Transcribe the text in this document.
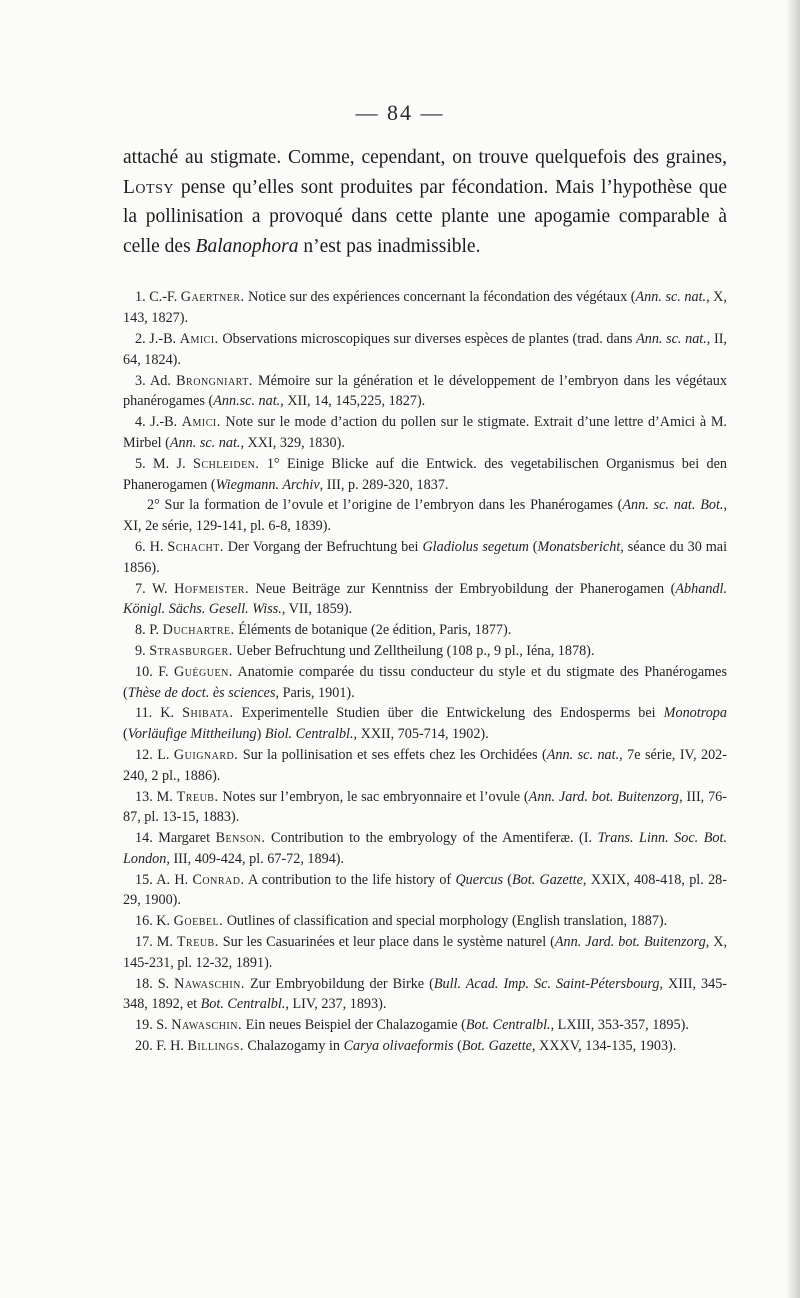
— 84 —

attaché au stigmate. Comme, cependant, on trouve quelquefois des graines, Lotsy pense qu’elles sont produites par fécondation. Mais l’hypothèse que la pollinisation a provoqué dans cette plante une apogamie comparable à celle des Balanophora n’est pas inadmissible.

1. C.-F. Gaertner. Notice sur des expériences concernant la fécondation des végétaux (Ann. sc. nat., X, 143, 1827).

2. J.-B. Amici. Observations microscopiques sur diverses espèces de plantes (trad. dans Ann. sc. nat., II, 64, 1824).

3. Ad. Brongniart. Mémoire sur la génération et le développement de l’embryon dans les végétaux phanérogames (Ann.sc. nat., XII, 14, 145,225, 1827).

4. J.-B. Amici. Note sur le mode d’action du pollen sur le stigmate. Extrait d’une lettre d’Amici à M. Mirbel (Ann. sc. nat., XXI, 329, 1830).

5. M. J. Schleiden. 1° Einige Blicke auf die Entwick. des vegetabilischen Organismus bei den Phanerogamen (Wiegmann. Archiv, III, p. 289-320, 1837.

2° Sur la formation de l’ovule et l’origine de l’embryon dans les Phanérogames (Ann. sc. nat. Bot., XI, 2e série, 129-141, pl. 6-8, 1839).

6. H. Schacht. Der Vorgang der Befruchtung bei Gladiolus segetum (Monatsbericht, séance du 30 mai 1856).

7. W. Hofmeister. Neue Beiträge zur Kenntniss der Embryobildung der Phanerogamen (Abhandl. Königl. Sächs. Gesell. Wiss., VII, 1859).

8. P. Duchartre. Éléments de botanique (2e édition, Paris, 1877).

9. Strasburger. Ueber Befruchtung und Zelltheilung (108 p., 9 pl., Iéna, 1878).

10. F. Guéguen. Anatomie comparée du tissu conducteur du style et du stigmate des Phanérogames (Thèse de doct. ès sciences, Paris, 1901).

11. K. Shibata. Experimentelle Studien über die Entwickelung des Endosperms bei Monotropa (Vorläufige Mittheilung) Biol. Centralbl., XXII, 705-714, 1902).

12. L. Guignard. Sur la pollinisation et ses effets chez les Orchidées (Ann. sc. nat., 7e série, IV, 202-240, 2 pl., 1886).

13. M. Treub. Notes sur l’embryon, le sac embryonnaire et l’ovule (Ann. Jard. bot. Buitenzorg, III, 76-87, pl. 13-15, 1883).

14. Margaret Benson. Contribution to the embryology of the Amentiferæ. (I. Trans. Linn. Soc. Bot. London, III, 409-424, pl. 67-72, 1894).

15. A. H. Conrad. A contribution to the life history of Quercus (Bot. Gazette, XXIX, 408-418, pl. 28-29, 1900).

16. K. Goebel. Outlines of classification and special morphology (English translation, 1887).

17. M. Treub. Sur les Casuarinées et leur place dans le système naturel (Ann. Jard. bot. Buitenzorg, X, 145-231, pl. 12-32, 1891).

18. S. Nawaschin. Zur Embryobildung der Birke (Bull. Acad. Imp. Sc. Saint-Pétersbourg, XIII, 345-348, 1892, et Bot. Centralbl., LIV, 237, 1893).

19. S. Nawaschin. Ein neues Beispiel der Chalazogamie (Bot. Centralbl., LXIII, 353-357, 1895).

20. F. H. Billings. Chalazogamy in Carya olivaeformis (Bot. Gazette, XXXV, 134-135, 1903).
